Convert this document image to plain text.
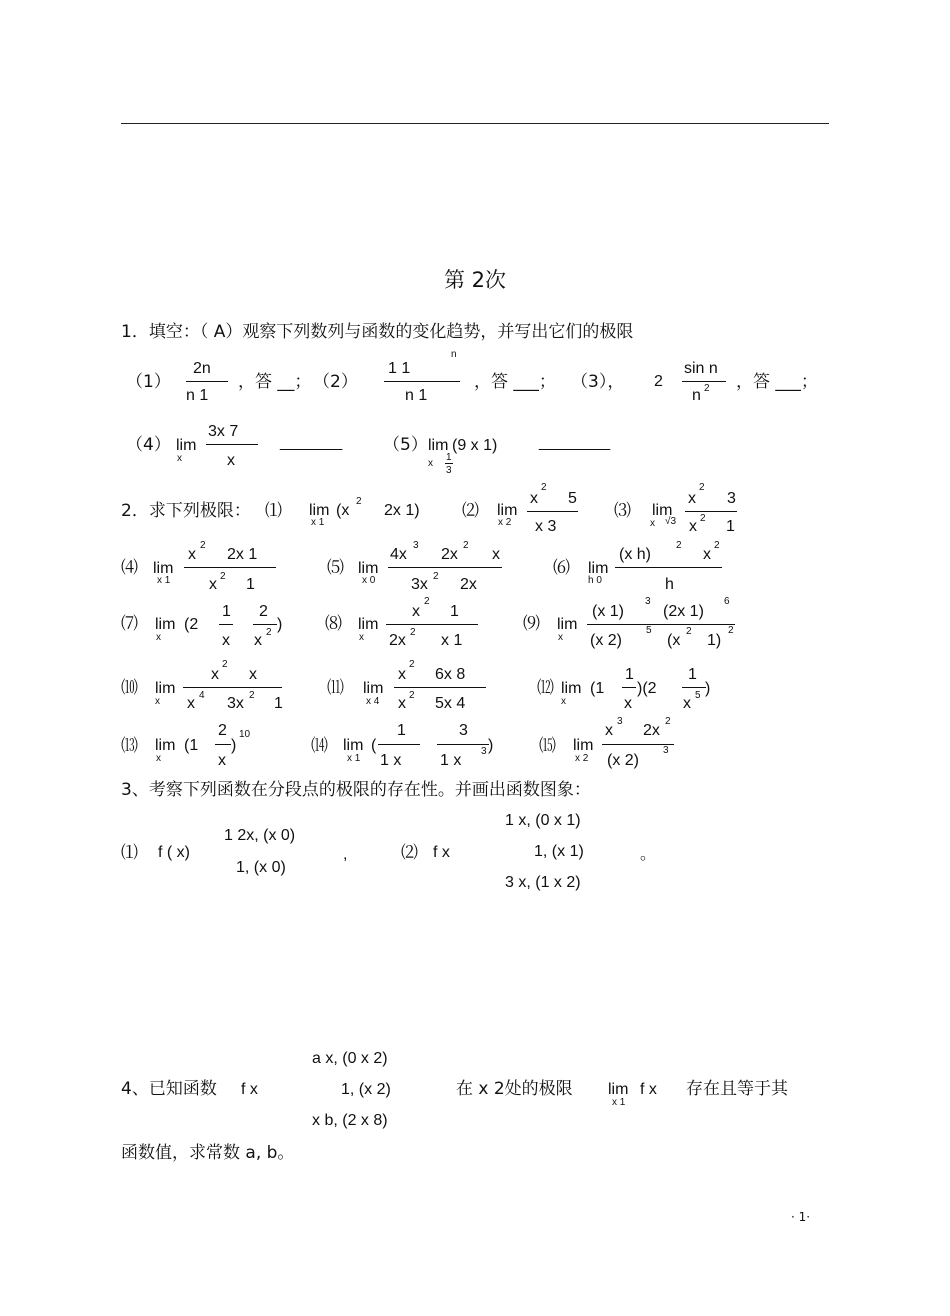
第 2次
1．填空：（ A）观察下列数列与函数的变化趋势，并写出它们的极限
（1）
2n
n 1
，答 __； （2）
1 1
n
n 1
，答 ___； （3）， 2
sin n
n 2 ，答 ___；
（4） lim
x
3x 7
x
_______ （5） lim (9 x 1)
x
1
3
________
2．求下列极限： ⑴ lim
x 1
(x
2
2x 1) ⑵ lim
x 2
x
2
5
x 3
⑶ lim
x √3
x
2
3
x 2 1
⑷ lim
x 1
x
2
2x 1
x 2 1
⑸ lim
x 0
4x
3
2x
2
x
3x 2 2x
⑹ lim
h 0
(x h)
2
x
2
h
⑺ lim
x
(2
1
x
2
x 2 )	⑻ lim
x
x
2
1
2x 2 x 1
⑼ lim
x
(x 1)
3
(2x 1)
6
(x 2)
5
(x
2
1)
2
⑽ lim
x
x
2
x
x 4 3x 2 1
⑾ lim
x 4
x
2
6x 8
x 2 5x 4
⑿ lim
x
(1
1
x
)(2
1
x 5 )
⒀ lim
x
(1
2
x
)
10
⒁ lim
x 1
(
1
1 x
3
1 x
3 )	⒂ lim
x 2
x
3
2x
2
(x 2)
3
3、考察下列函数在分段点的极限的存在性。并画出函数图象：
⑴ f ( x)
1 2x, (x 0)
1, (x 0)
,	⑵ f x
1 x, (0 x 1)
1, (x 1)
3 x, (1 x 2)
。
a x, (0 x 2)
1, (x 2)
x b, (2 x 8)
4、已知函数 f x	在 x 2处的极限 lim
x 1
f x 存在且等于其
函数值，求常数 a, b。
· 1·
